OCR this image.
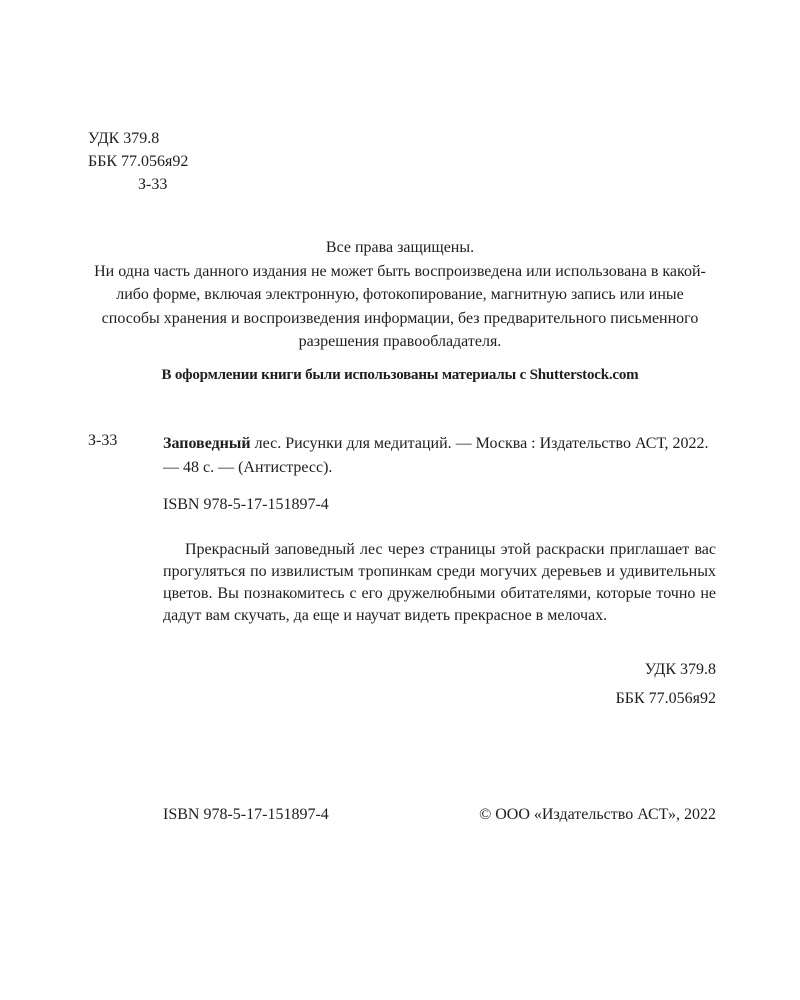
УДК 379.8
ББК 77.056я92
З-33
Все права защищены.
Ни одна часть данного издания не может быть воспроизведена или использована в какой-либо форме, включая электронную, фотокопирование, магнитную запись или иные способы хранения и воспроизведения информации, без предварительного письменного разрешения правообладателя.
В оформлении книги были использованы материалы с Shutterstock.com
З-33	Заповедный лес. Рисунки для медитаций. — Москва : Издательство АСТ, 2022. — 48 с. — (Антистресс).
ISBN 978-5-17-151897-4
Прекрасный заповедный лес через страницы этой раскраски приглашает вас прогуляться по извилистым тропинкам среди могучих деревьев и удивительных цветов. Вы познакомитесь с его дружелюбными обитателями, которые точно не дадут вам скучать, да еще и научат видеть прекрасное в мелочах.
УДК 379.8
ББК 77.056я92
ISBN 978-5-17-151897-4	© ООО «Издательство АСТ», 2022
